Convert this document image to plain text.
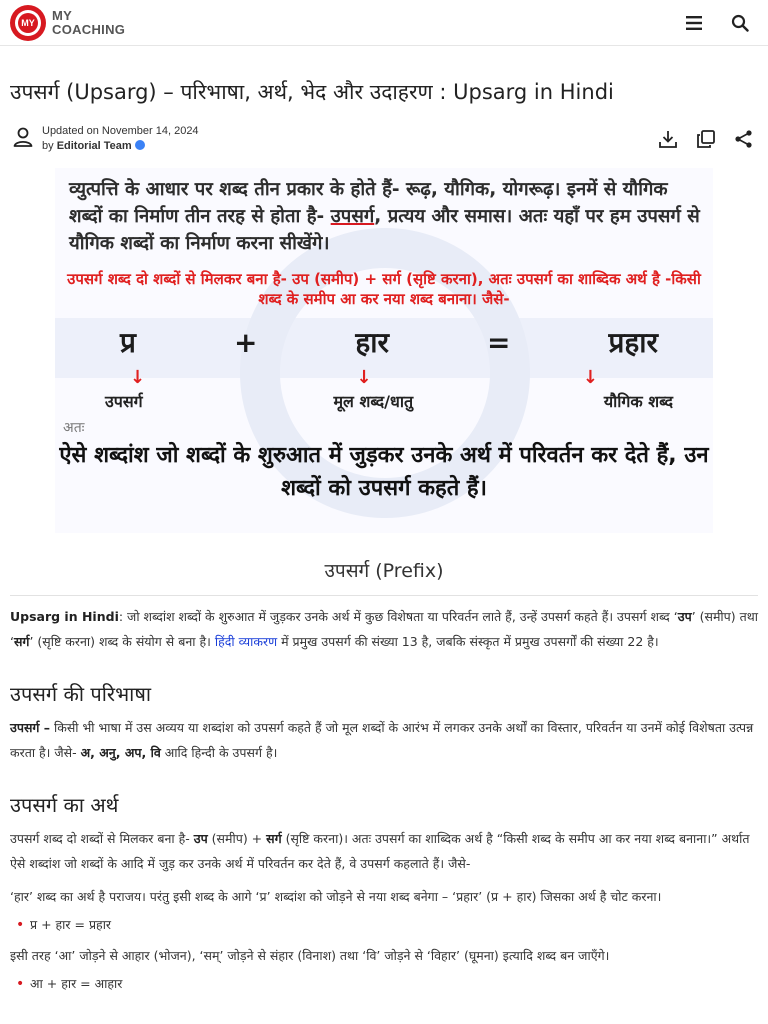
MY MY
COACHING
उपसर्ग (Upsarg) – परिभाषा, अर्थ, भेद और उदाहरण : Upsarg in Hindi
Updated on November 14, 2024
by Editorial Team
व्युत्पत्ति के आधार पर शब्द तीन प्रकार के होते हैं- रूढ़, यौगिक, योगरूढ़। इनमें से यौगिक शब्दों का निर्माण तीन तरह से होता है- उपसर्ग, प्रत्यय और समास। अतः यहाँ पर हम उपसर्ग से यौगिक शब्दों का निर्माण करना सीखेंगे।
उपसर्ग शब्द दो शब्दों से मिलकर बना है- उप (समीप) + सर्ग (सृष्टि करना), अतः उपसर्ग का शाब्दिक अर्थ है -किसी शब्द के समीप आ कर नया शब्द बनाना। जैसे-
प्र	+	हार	=	प्रहार
↓	↓	↓
उपसर्ग	मूल शब्द/धातु	यौगिक शब्द
अतः
ऐसे शब्दांश जो शब्दों के शुरुआत में जुड़कर उनके अर्थ में परिवर्तन कर देते हैं, उन शब्दों को उपसर्ग कहते हैं।
उपसर्ग (Prefix)

Upsarg in Hindi: जो शब्दांश शब्दों के शुरुआत में जुड़कर उनके अर्थ में कुछ विशेषता या परिवर्तन लाते हैं, उन्हें उपसर्ग कहते हैं। उपसर्ग शब्द ‘उप’ (समीप) तथा ‘सर्ग’ (सृष्टि करना) शब्द के संयोग से बना है। हिंदी व्याकरण में प्रमुख उपसर्ग की संख्या 13 है, जबकि संस्कृत में प्रमुख उपसर्गों की संख्या 22 है।

उपसर्ग की परिभाषा

उपसर्ग – किसी भी भाषा में उस अव्यय या शब्दांश को उपसर्ग कहते हैं जो मूल शब्दों के आरंभ में लगकर उनके अर्थों का विस्तार, परिवर्तन या उनमें कोई विशेषता उत्पन्न करता है। जैसे- अ, अनु, अप, वि आदि हिन्दी के उपसर्ग है।

उपसर्ग का अर्थ

उपसर्ग शब्द दो शब्दों से मिलकर बना है- उप (समीप) + सर्ग (सृष्टि करना)। अतः उपसर्ग का शाब्दिक अर्थ है “किसी शब्द के समीप आ कर नया शब्द बनाना।” अर्थात ऐसे शब्दांश जो शब्दों के आदि में जुड़ कर उनके अर्थ में परिवर्तन कर देते हैं, वे उपसर्ग कहलाते हैं। जैसे-

‘हार’ शब्द का अर्थ है पराजय। परंतु इसी शब्द के आगे ‘प्र’ शब्दांश को जोड़ने से नया शब्द बनेगा – ‘प्रहार’ (प्र + हार) जिसका अर्थ है चोट करना।

• प्र + हार = प्रहार

इसी तरह ‘आ’ जोड़ने से आहार (भोजन), ‘सम्’ जोड़ने से संहार (विनाश) तथा ‘वि’ जोड़ने से ‘विहार’ (घूमना) इत्यादि शब्द बन जाएँगे।

• आ + हार = आहार
